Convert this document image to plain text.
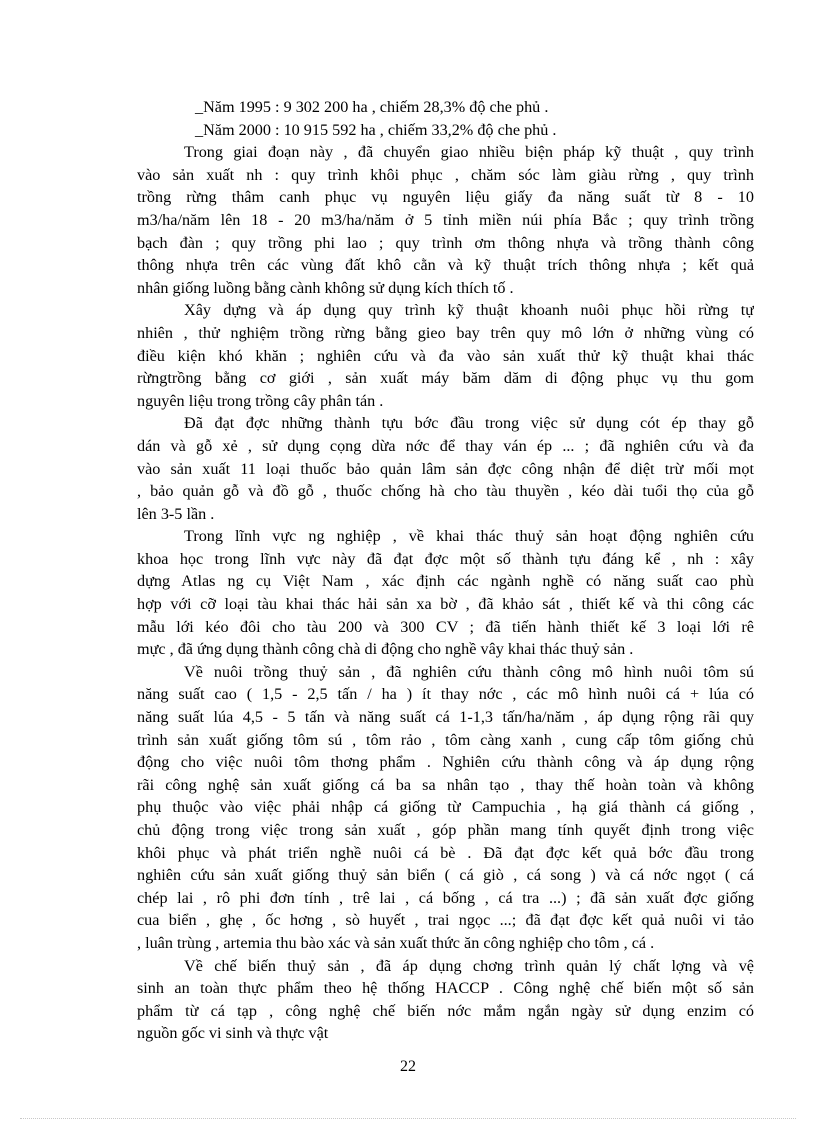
_Năm 1995 : 9 302 200 ha , chiếm 28,3% độ che phủ .
_Năm 2000 : 10 915 592 ha , chiếm 33,2% độ che phủ .
Trong giai đoạn này , đã chuyển giao nhiều biện pháp kỹ thuật , quy trình
vào sản xuất nh : quy trình khôi phục , chăm sóc làm giàu rừng , quy trình
trồng rừng thâm canh phục vụ nguyên liệu giấy đa năng suất từ 8 - 10
m3/ha/năm lên 18 - 20 m3/ha/năm ở 5 tỉnh miền núi phía Bắc ; quy trình trồng
bạch đàn ; quy trồng phi lao ; quy trình ơm thông nhựa và trồng thành công
thông nhựa trên các vùng đất khô cằn và kỹ thuật trích thông nhựa ; kết quả
nhân giống luồng bằng cành không sử dụng kích thích tố .
Xây dựng và áp dụng quy trình kỹ thuật khoanh nuôi phục hồi rừng tự
nhiên , thử nghiệm trồng rừng bằng gieo bay trên quy mô lớn ở những vùng có
điều kiện khó khăn ; nghiên cứu và đa vào sản xuất thử kỹ thuật khai thác
rừngtrồng bằng cơ giới , sản xuất máy băm dăm di động phục vụ thu gom
nguyên liệu trong trồng cây phân tán .
Đã đạt đợc những thành tựu bớc đầu trong việc sử dụng cót ép thay gỗ
dán và gỗ xẻ , sử dụng cọng dừa nớc để thay ván ép ... ; đã nghiên cứu và đa
vào sản xuất 11 loại thuốc bảo quản lâm sản đợc công nhận để diệt trừ mối mọt
, bảo quản gỗ và đồ gỗ , thuốc chống hà cho tàu thuyền , kéo dài tuổi thọ của gỗ
lên 3-5 lần .
Trong lĩnh vực ng nghiệp , về khai thác thuỷ sản hoạt động nghiên cứu
khoa học trong lĩnh vực này đã đạt đợc một số thành tựu đáng kể , nh : xây
dựng Atlas ng cụ Việt Nam , xác định các ngành nghề có năng suất cao phù
hợp với cỡ loại tàu khai thác hải sản xa bờ , đã khảo sát , thiết kế và thi công các
mẫu lới kéo đôi cho tàu 200 và 300 CV ; đã tiến hành thiết kế 3 loại lới rê
mực , đã ứng dụng thành công chà di động cho nghề vây khai thác thuỷ sản .
Về nuôi trồng thuỷ sản , đã nghiên cứu thành công mô hình nuôi tôm sú
năng suất cao ( 1,5 - 2,5 tấn / ha ) ít thay nớc , các mô hình nuôi cá + lúa có
năng suất lúa 4,5 - 5 tấn và năng suất cá 1-1,3 tấn/ha/năm , áp dụng rộng rãi quy
trình sản xuất giống tôm sú , tôm rảo , tôm càng xanh , cung cấp tôm giống chủ
động cho việc nuôi tôm thơng phẩm . Nghiên cứu thành công và áp dụng rộng
rãi công nghệ sản xuất giống cá ba sa nhân tạo , thay thế hoàn toàn và không
phụ thuộc vào việc phải nhập cá giống từ Campuchia , hạ giá thành cá giống ,
chủ động trong việc trong sản xuất , góp phần mang tính quyết định trong việc
khôi phục và phát triển nghề nuôi cá bè . Đã đạt đợc kết quả bớc đầu trong
nghiên cứu sản xuất giống thuỷ sản biển ( cá giò , cá song ) và cá nớc ngọt ( cá
chép lai , rô phi đơn tính , trê lai , cá bống , cá tra ...) ; đã sản xuất đợc giống
cua biển , ghẹ , ốc hơng , sò huyết , trai ngọc ...; đã đạt đợc kết quả nuôi vi tảo
, luân trùng , artemia thu bào xác và sản xuất thức ăn công nghiệp cho tôm , cá .
Về chế biến thuỷ sản , đã áp dụng chơng trình quản lý chất lợng và vệ
sinh an toàn thực phẩm theo hệ thống HACCP . Công nghệ chế biến một số sản
phẩm từ cá tạp , công nghệ chế biến nớc mắm ngắn ngày sử dụng enzim có
nguồn gốc vi sinh và thực vật
22
